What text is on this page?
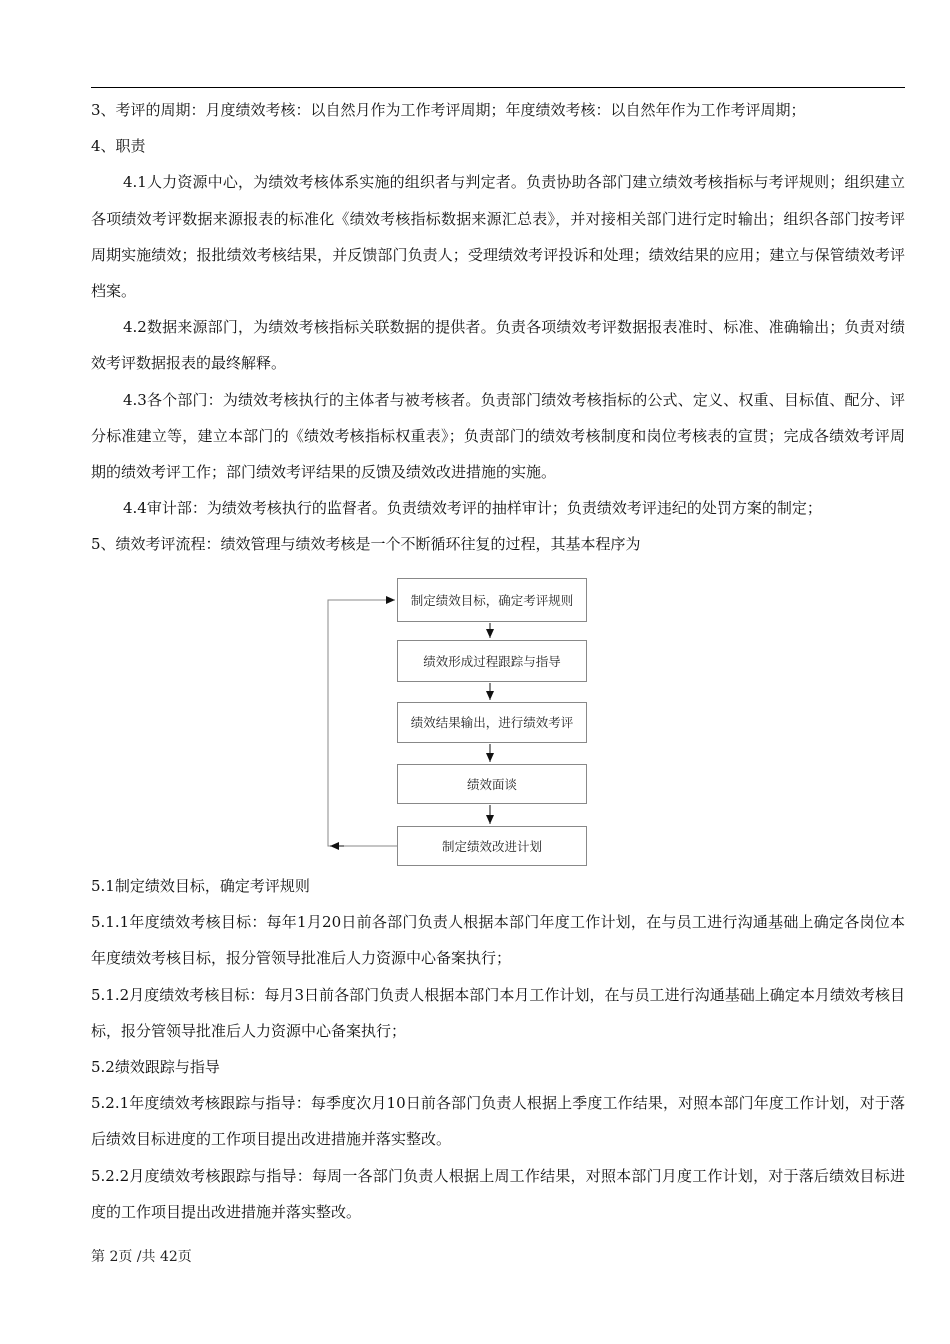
3、考评的周期：月度绩效考核：以自然月作为工作考评周期；年度绩效考核：以自然年作为工作考评周期；

4、职责

4.1人力资源中心，为绩效考核体系实施的组织者与判定者。负责协助各部门建立绩效考核指标与考评规则；组织建立各项绩效考评数据来源报表的标准化《绩效考核指标数据来源汇总表》，并对接相关部门进行定时输出；组织各部门按考评周期实施绩效；报批绩效考核结果，并反馈部门负责人；受理绩效考评投诉和处理；绩效结果的应用；建立与保管绩效考评档案。

4.2数据来源部门，为绩效考核指标关联数据的提供者。负责各项绩效考评数据报表准时、标准、准确输出；负责对绩效考评数据报表的最终解释。

4.3各个部门：为绩效考核执行的主体者与被考核者。负责部门绩效考核指标的公式、定义、权重、目标值、配分、评分标准建立等，建立本部门的《绩效考核指标权重表》；负责部门的绩效考核制度和岗位考核表的宣贯；完成各绩效考评周期的绩效考评工作；部门绩效考评结果的反馈及绩效改进措施的实施。

4.4审计部：为绩效考核执行的监督者。负责绩效考评的抽样审计；负责绩效考评违纪的处罚方案的制定；

5、绩效考评流程：绩效管理与绩效考核是一个不断循环往复的过程，其基本程序为

制定绩效目标，确定考评规则
绩效形成过程跟踪与指导
绩效结果输出，进行绩效考评
绩效面谈
制定绩效改进计划

5.1制定绩效目标，确定考评规则

5.1.1年度绩效考核目标：每年1月20日前各部门负责人根据本部门年度工作计划，在与员工进行沟通基础上确定各岗位本年度绩效考核目标，报分管领导批准后人力资源中心备案执行；

5.1.2月度绩效考核目标：每月3日前各部门负责人根据本部门本月工作计划，在与员工进行沟通基础上确定本月绩效考核目标，报分管领导批准后人力资源中心备案执行；

5.2绩效跟踪与指导

5.2.1年度绩效考核跟踪与指导：每季度次月10日前各部门负责人根据上季度工作结果，对照本部门年度工作计划，对于落后绩效目标进度的工作项目提出改进措施并落实整改。

5.2.2月度绩效考核跟踪与指导：每周一各部门负责人根据上周工作结果，对照本部门月度工作计划，对于落后绩效目标进度的工作项目提出改进措施并落实整改。

第 2页 /共 42页
